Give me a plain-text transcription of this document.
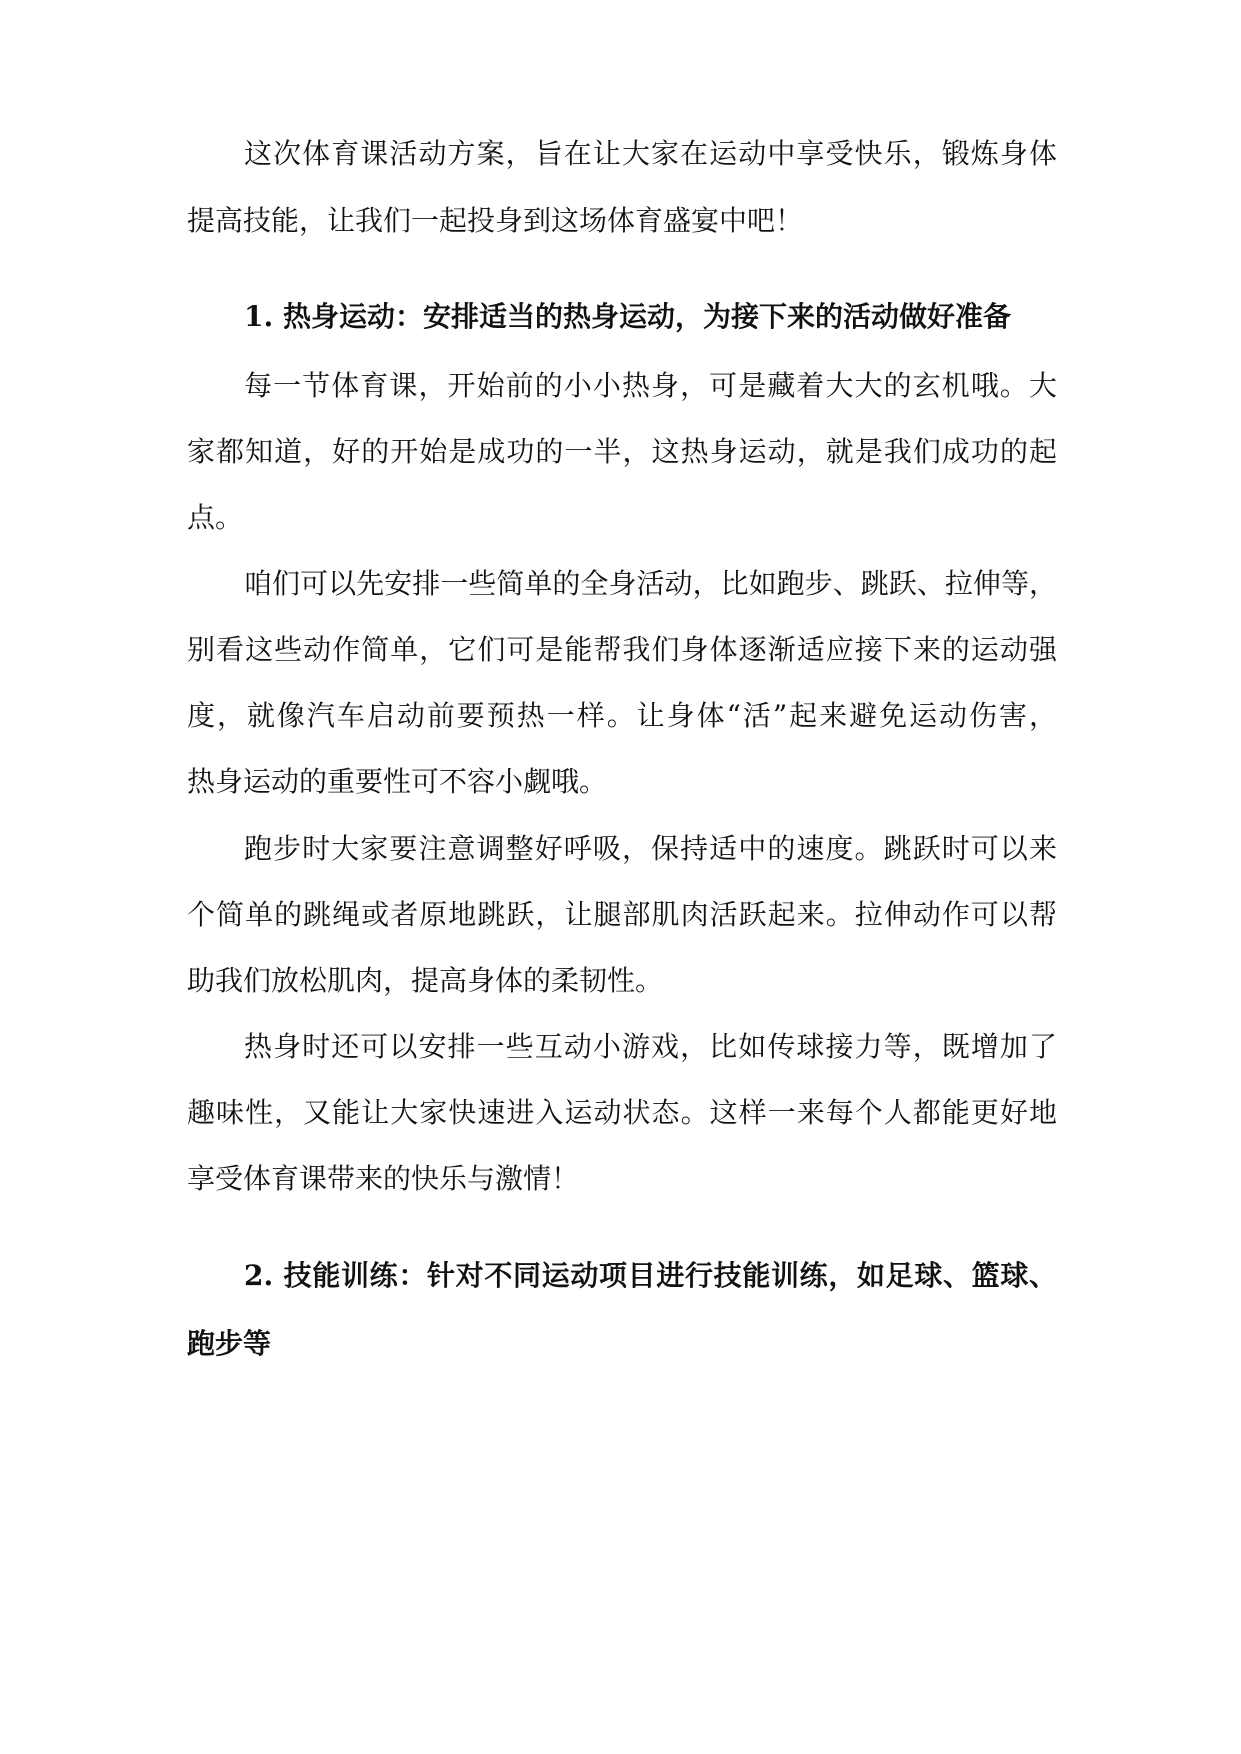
这次体育课活动方案，旨在让大家在运动中享受快乐，锻炼身体
提高技能，让我们一起投身到这场体育盛宴中吧！
1. 热身运动：安排适当的热身运动，为接下来的活动做好准备
每一节体育课，开始前的小小热身，可是藏着大大的玄机哦。大
家都知道，好的开始是成功的一半，这热身运动，就是我们成功的起
点。
咱们可以先安排一些简单的全身活动，比如跑步、跳跃、拉伸等，
别看这些动作简单，它们可是能帮我们身体逐渐适应接下来的运动强
度，就像汽车启动前要预热一样。让身体“活”起来避免运动伤害，
热身运动的重要性可不容小觑哦。
跑步时大家要注意调整好呼吸，保持适中的速度。跳跃时可以来
个简单的跳绳或者原地跳跃，让腿部肌肉活跃起来。拉伸动作可以帮
助我们放松肌肉，提高身体的柔韧性。
热身时还可以安排一些互动小游戏，比如传球接力等，既增加了
趣味性，又能让大家快速进入运动状态。这样一来每个人都能更好地
享受体育课带来的快乐与激情！
2. 技能训练：针对不同运动项目进行技能训练，如足球、篮球、
跑步等
